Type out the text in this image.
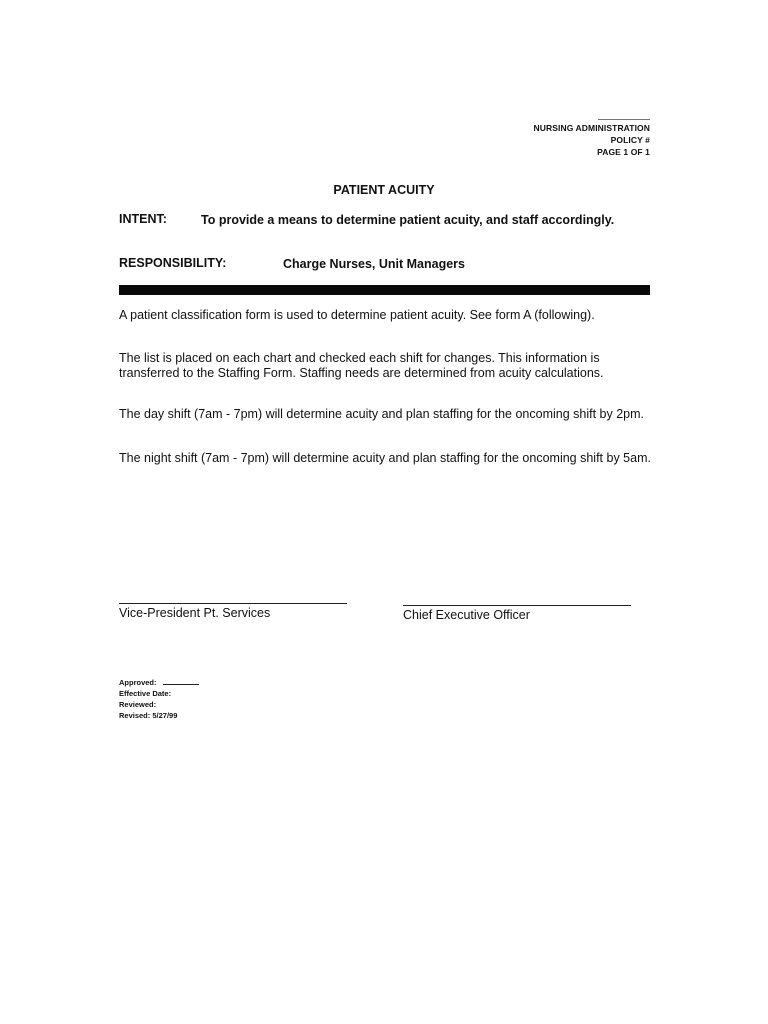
NURSING ADMINISTRATION
POLICY #
PAGE 1 OF 1
PATIENT ACUITY
INTENT:	To provide a means to determine patient acuity, and staff accordingly.
RESPONSIBILITY:	Charge Nurses, Unit Managers
A patient classification form is used to determine patient acuity. See form A (following).
The list is placed on each chart and checked each shift for changes. This information is transferred to the Staffing Form. Staffing needs are determined from acuity calculations.
The day shift (7am - 7pm) will determine acuity and plan staffing for the oncoming shift by 2pm.
The night shift (7am - 7pm) will determine acuity and plan staffing for the oncoming shift by 5am.
Vice-President Pt. Services	Chief Executive Officer
Approved:
Effective Date:
Reviewed:
Revised: 5/27/99
